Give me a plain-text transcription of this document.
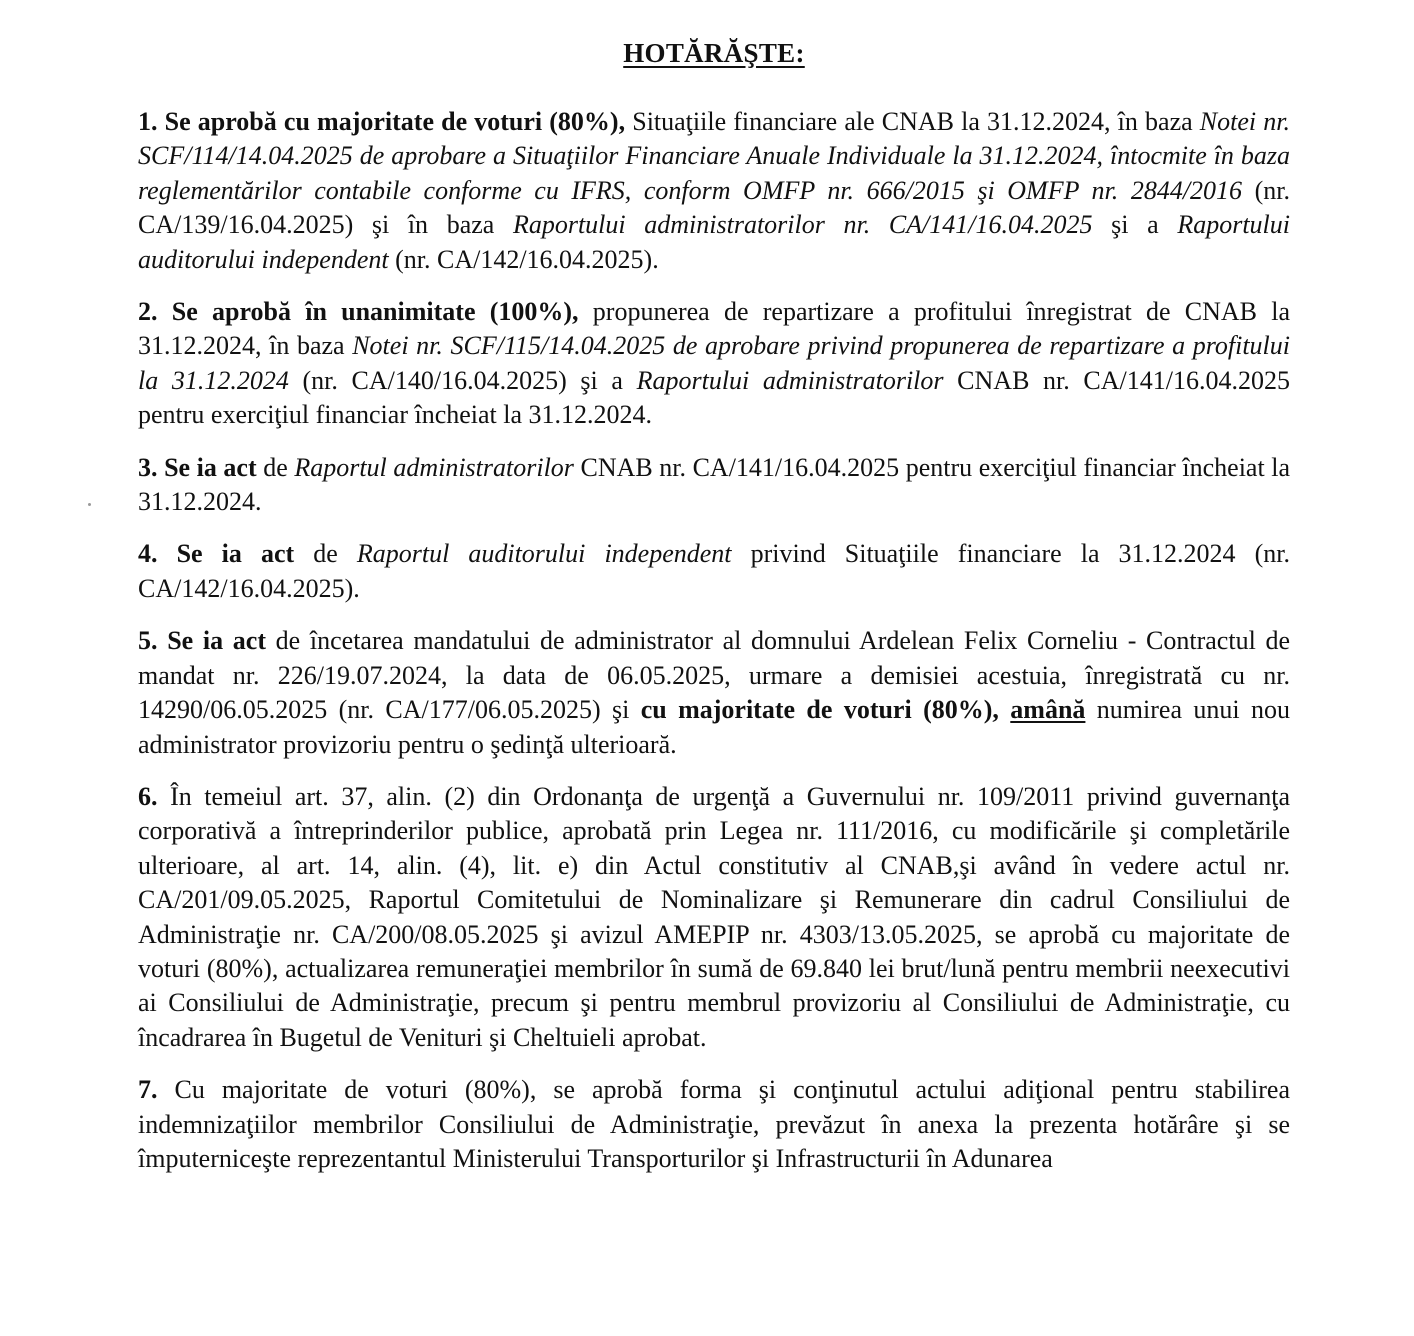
HOTĂRĂŞTE:

1. Se aprobă cu majoritate de voturi (80%), Situaţiile financiare ale CNAB la 31.12.2024, în baza Notei nr. SCF/114/14.04.2025 de aprobare a Situaţiilor Financiare Anuale Individuale la 31.12.2024, întocmite în baza reglementărilor contabile conforme cu IFRS, conform OMFP nr. 666/2015 şi OMFP nr. 2844/2016 (nr. CA/139/16.04.2025) şi în baza Raportului administratorilor nr. CA/141/16.04.2025 şi a Raportului auditorului independent (nr. CA/142/16.04.2025).

2. Se aprobă în unanimitate (100%), propunerea de repartizare a profitului înregistrat de CNAB la 31.12.2024, în baza Notei nr. SCF/115/14.04.2025 de aprobare privind propunerea de repartizare a profitului la 31.12.2024 (nr. CA/140/16.04.2025) şi a Raportului administratorilor CNAB nr. CA/141/16.04.2025 pentru exerciţiul financiar încheiat la 31.12.2024.

3. Se ia act de Raportul administratorilor CNAB nr. CA/141/16.04.2025 pentru exerciţiul financiar încheiat la 31.12.2024.

4. Se ia act de Raportul auditorului independent privind Situaţiile financiare la 31.12.2024 (nr. CA/142/16.04.2025).

5. Se ia act de încetarea mandatului de administrator al domnului Ardelean Felix Corneliu - Contractul de mandat nr. 226/19.07.2024, la data de 06.05.2025, urmare a demisiei acestuia, înregistrată cu nr. 14290/06.05.2025 (nr. CA/177/06.05.2025) şi cu majoritate de voturi (80%), amână numirea unui nou administrator provizoriu pentru o şedinţă ulterioară.

6. În temeiul art. 37, alin. (2) din Ordonanţa de urgenţă a Guvernului nr. 109/2011 privind guvernanţa corporativă a întreprinderilor publice, aprobată prin Legea nr. 111/2016, cu modificările şi completările ulterioare, al art. 14, alin. (4), lit. e) din Actul constitutiv al CNAB,şi având în vedere actul nr. CA/201/09.05.2025, Raportul Comitetului de Nominalizare şi Remunerare din cadrul Consiliului de Administraţie nr. CA/200/08.05.2025 şi avizul AMEPIP nr. 4303/13.05.2025, se aprobă cu majoritate de voturi (80%), actualizarea remuneraţiei membrilor în sumă de 69.840 lei brut/lună pentru membrii neexecutivi ai Consiliului de Administraţie, precum şi pentru membrul provizoriu al Consiliului de Administraţie, cu încadrarea în Bugetul de Venituri şi Cheltuieli aprobat.

7. Cu majoritate de voturi (80%), se aprobă forma şi conţinutul actului adiţional pentru stabilirea indemnizaţiilor membrilor Consiliului de Administraţie, prevăzut în anexa la prezenta hotărâre şi se împuterniceşte reprezentantul Ministerului Transporturilor şi Infrastructurii în Adunarea
